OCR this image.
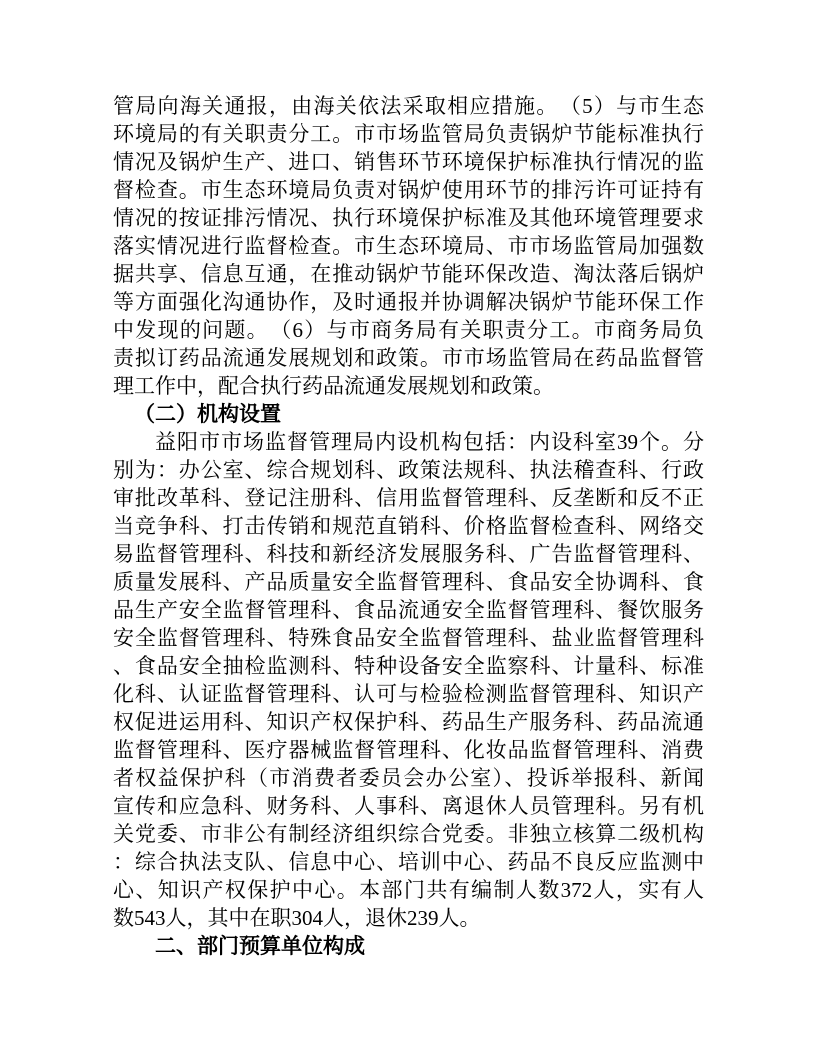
管局向海关通报，由海关依法采取相应措施。　（5）与市生态
环境局的有关职责分工。市市场监管局负责锅炉节能标准执行
情况及锅炉生产、进口、销售环节环境保护标准执行情况的监
督检查。市生态环境局负责对锅炉使用环节的排污许可证持有
情况的按证排污情况、执行环境保护标准及其他环境管理要求
落实情况进行监督检查。市生态环境局、市市场监管局加强数
据共享、信息互通，在推动锅炉节能环保改造、淘汰落后锅炉
等方面强化沟通协作，及时通报并协调解决锅炉节能环保工作
中发现的问题。　（6）与市商务局有关职责分工。市商务局负
责拟订药品流通发展规划和政策。市市场监管局在药品监督管
理工作中，配合执行药品流通发展规划和政策。
（二）机构设置
益阳市市场监督管理局内设机构包括：内设科室39个。分
别为：办公室、综合规划科、政策法规科、执法稽查科、行政
审批改革科、登记注册科、信用监督管理科、反垄断和反不正
当竞争科、打击传销和规范直销科、价格监督检查科、网络交
易监督管理科、科技和新经济发展服务科、广告监督管理科、
质量发展科、产品质量安全监督管理科、食品安全协调科、食
品生产安全监督管理科、食品流通安全监督管理科、餐饮服务
安全监督管理科、特殊食品安全监督管理科、盐业监督管理科
、食品安全抽检监测科、特种设备安全监察科、计量科、标准
化科、认证监督管理科、认可与检验检测监督管理科、知识产
权促进运用科、知识产权保护科、药品生产服务科、药品流通
监督管理科、医疗器械监督管理科、化妆品监督管理科、消费
者权益保护科（市消费者委员会办公室）、投诉举报科、新闻
宣传和应急科、财务科、人事科、离退休人员管理科。另有机
关党委、市非公有制经济组织综合党委。非独立核算二级机构
：综合执法支队、信息中心、培训中心、药品不良反应监测中
心、知识产权保护中心。本部门共有编制人数372人，实有人
数543人，其中在职304人，退休239人。
二、部门预算单位构成
